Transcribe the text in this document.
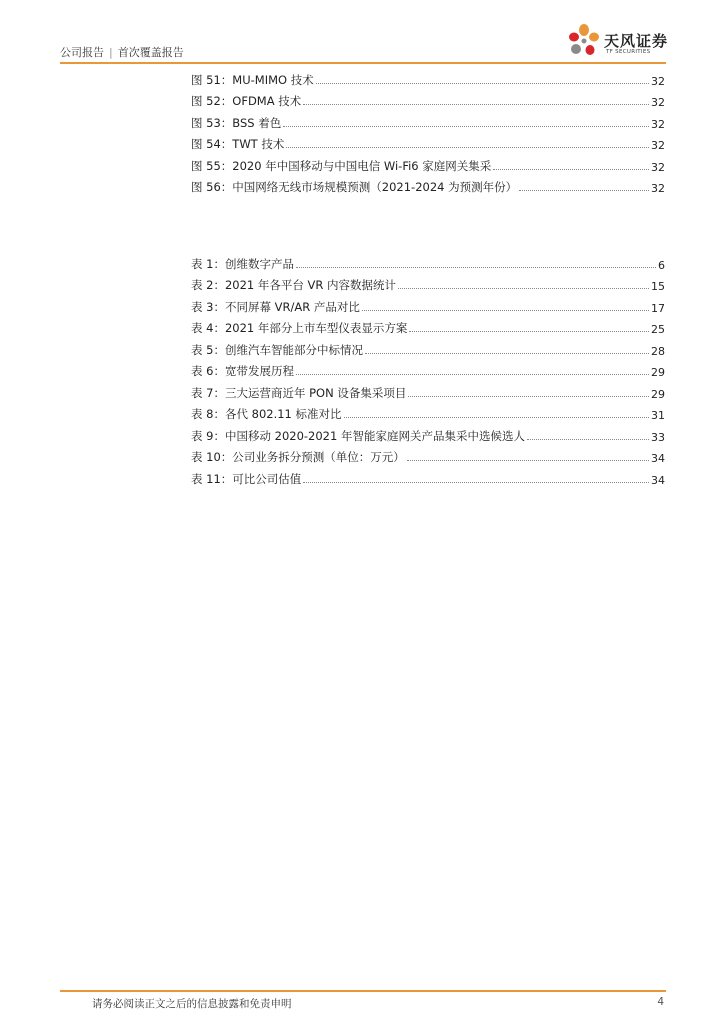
公司报告 | 首次覆盖报告
天风证券
TF SECURITIES
图 51：MU-MIMO 技术	32
图 52：OFDMA 技术	32
图 53：BSS 着色	32
图 54：TWT 技术	32
图 55：2020 年中国移动与中国电信 Wi-Fi6 家庭网关集采	32
图 56：中国网络无线市场规模预测（2021-2024 为预测年份）	32
表 1：创维数字产品	6
表 2：2021 年各平台 VR 内容数据统计	15
表 3：不同屏幕 VR/AR 产品对比	17
表 4：2021 年部分上市车型仪表显示方案	25
表 5：创维汽车智能部分中标情况	28
表 6：宽带发展历程	29
表 7：三大运营商近年 PON 设备集采项目	29
表 8：各代 802.11 标准对比	31
表 9：中国移动 2020-2021 年智能家庭网关产品集采中选候选人	33
表 10：公司业务拆分预测（单位：万元）	34
表 11：可比公司估值	34
请务必阅读正文之后的信息披露和免责申明	4
